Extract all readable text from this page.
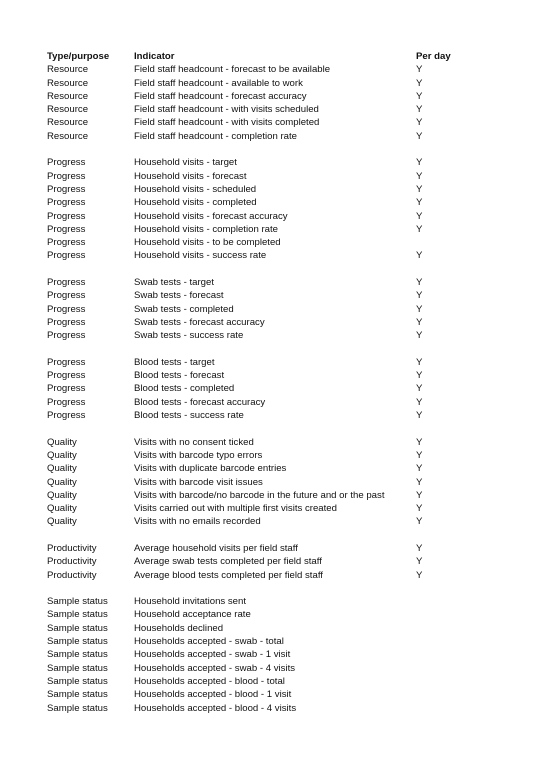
Type/purpose	Indicator	Per day
Resource	Field staff headcount - forecast to be available	Y
Resource	Field staff headcount - available to work	Y
Resource	Field staff headcount - forecast accuracy	Y
Resource	Field staff headcount - with visits scheduled	Y
Resource	Field staff headcount - with visits completed	Y
Resource	Field staff headcount - completion rate	Y
Progress	Household visits - target	Y
Progress	Household visits - forecast	Y
Progress	Household visits - scheduled	Y
Progress	Household visits - completed	Y
Progress	Household visits - forecast accuracy	Y
Progress	Household visits - completion rate	Y
Progress	Household visits - to be completed
Progress	Household visits - success rate	Y
Progress	Swab tests - target	Y
Progress	Swab tests - forecast	Y
Progress	Swab tests - completed	Y
Progress	Swab tests - forecast accuracy	Y
Progress	Swab tests - success rate	Y
Progress	Blood tests - target	Y
Progress	Blood tests - forecast	Y
Progress	Blood tests - completed	Y
Progress	Blood tests - forecast accuracy	Y
Progress	Blood tests - success rate	Y
Quality	Visits with no consent ticked	Y
Quality	Visits with barcode typo errors	Y
Quality	Visits with duplicate barcode entries	Y
Quality	Visits with barcode visit issues	Y
Quality	Visits with barcode/no barcode in the future and or the past	Y
Quality	Visits carried out with multiple first visits created	Y
Quality	Visits with no emails recorded	Y
Productivity	Average household visits per field staff	Y
Productivity	Average swab tests completed per field staff	Y
Productivity	Average blood tests completed per field staff	Y
Sample status	Household invitations sent
Sample status	Household acceptance rate
Sample status	Households declined
Sample status	Households accepted - swab - total
Sample status	Households accepted - swab - 1 visit
Sample status	Households accepted - swab - 4 visits
Sample status	Households accepted - blood - total
Sample status	Households accepted - blood - 1 visit
Sample status	Households accepted - blood - 4 visits
